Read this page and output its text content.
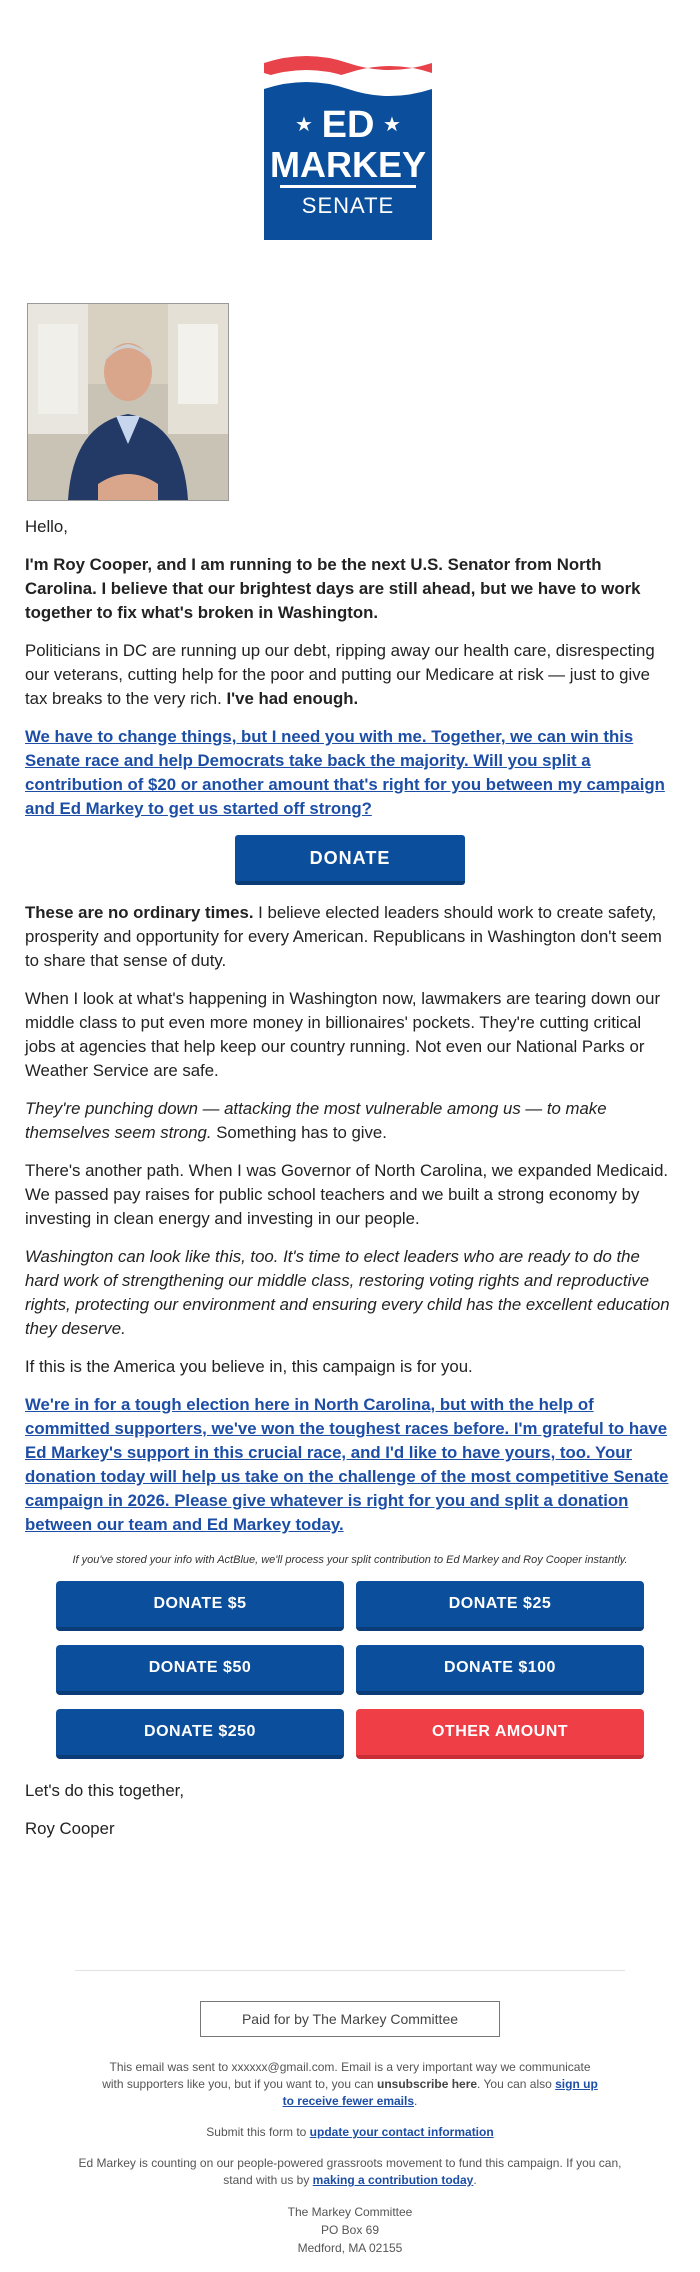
ED
★	★
MARKEY
SENATE

Hello,

I'm Roy Cooper, and I am running to be the next U.S. Senator from North Carolina. I believe that our brightest days are still ahead, but we have to work together to fix what's broken in Washington.

Politicians in DC are running up our debt, ripping away our health care, disrespecting our veterans, cutting help for the poor and putting our Medicare at risk — just to give tax breaks to the very rich. I've had enough.

We have to change things, but I need you with me. Together, we can win this Senate race and help Democrats take back the majority. Will you split a contribution of $20 or another amount that's right for you between my campaign and Ed Markey to get us started off strong?

DONATE

These are no ordinary times. I believe elected leaders should work to create safety, prosperity and opportunity for every American. Republicans in Washington don't seem to share that sense of duty.

When I look at what's happening in Washington now, lawmakers are tearing down our middle class to put even more money in billionaires' pockets. They're cutting critical jobs at agencies that help keep our country running. Not even our National Parks or Weather Service are safe.

They're punching down — attacking the most vulnerable among us — to make themselves seem strong. Something has to give.

There's another path. When I was Governor of North Carolina, we expanded Medicaid. We passed pay raises for public school teachers and we built a strong economy by investing in clean energy and investing in our people.

Washington can look like this, too. It's time to elect leaders who are ready to do the hard work of strengthening our middle class, restoring voting rights and reproductive rights, protecting our environment and ensuring every child has the excellent education they deserve.

If this is the America you believe in, this campaign is for you.

We're in for a tough election here in North Carolina, but with the help of committed supporters, we've won the toughest races before. I'm grateful to have Ed Markey's support in this crucial race, and I'd like to have yours, too. Your donation today will help us take on the challenge of the most competitive Senate campaign in 2026. Please give whatever is right for you and split a donation between our team and Ed Markey today.

If you've stored your info with ActBlue, we'll process your split contribution to Ed Markey and Roy Cooper instantly.

DONATE $5	DONATE $25
DONATE $50	DONATE $100
DONATE $250	OTHER AMOUNT

Let's do this together,

Roy Cooper

Paid for by The Markey Committee

This email was sent to xxxxxx@gmail.com. Email is a very important way we communicate with supporters like you, but if you want to, you can unsubscribe here. You can also sign up to receive fewer emails.

Submit this form to update your contact information

Ed Markey is counting on our people-powered grassroots movement to fund this campaign. If you can, stand with us by making a contribution today.

The Markey Committee
PO Box 69
Medford, MA 02155
